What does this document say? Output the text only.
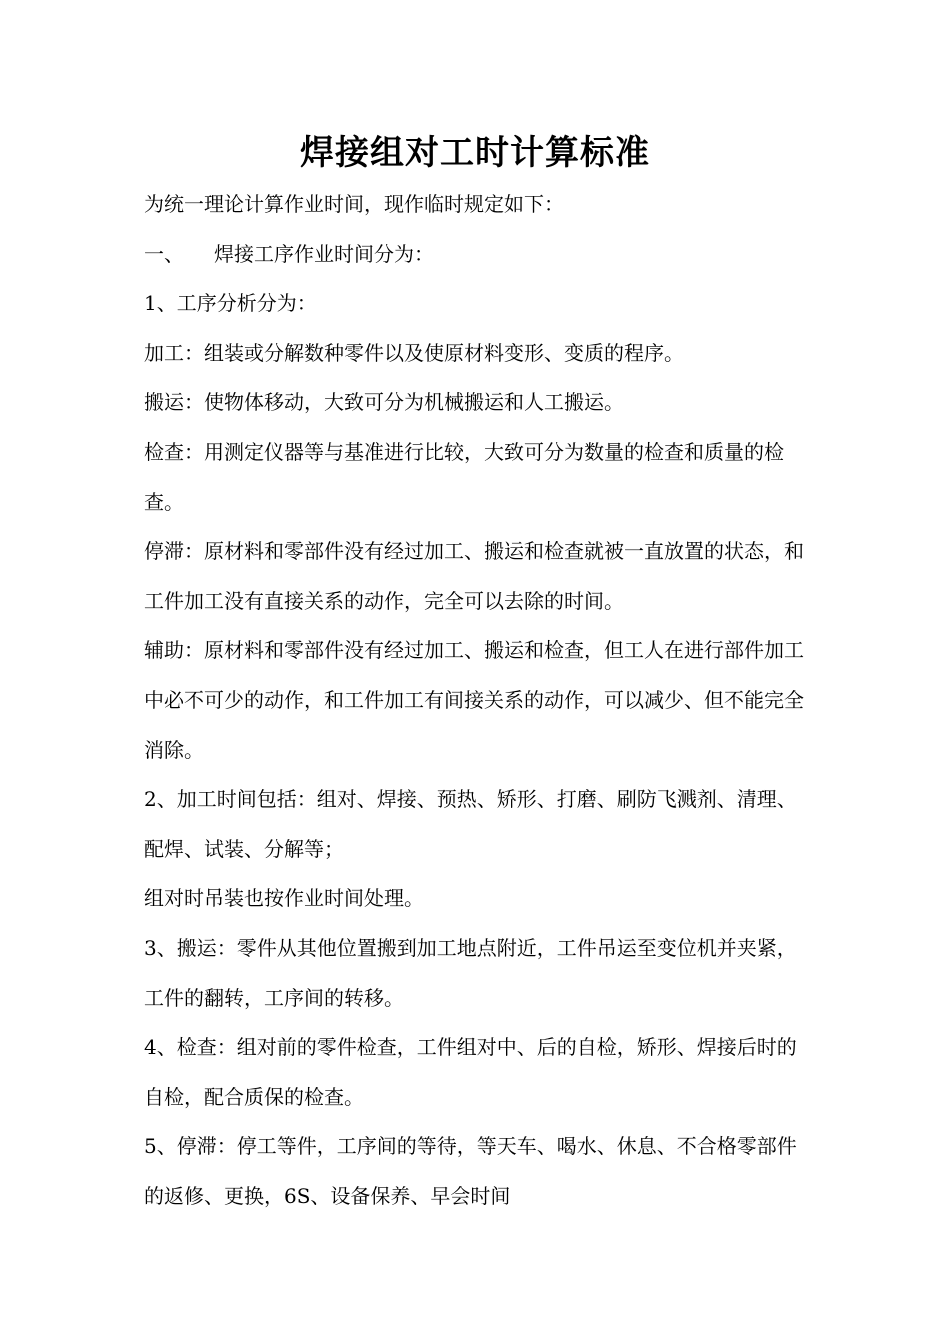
焊接组对工时计算标准

为统一理论计算作业时间，现作临时规定如下：

一、 焊接工序作业时间分为：

1、工序分析分为：

加工：组装或分解数种零件以及使原材料变形、变质的程序。

搬运：使物体移动，大致可分为机械搬运和人工搬运。

检查：用测定仪器等与基准进行比较，大致可分为数量的检查和质量的检查。

停滞：原材料和零部件没有经过加工、搬运和检查就被一直放置的状态，和工件加工没有直接关系的动作，完全可以去除的时间。

辅助：原材料和零部件没有经过加工、搬运和检查，但工人在进行部件加工中必不可少的动作，和工件加工有间接关系的动作，可以减少、但不能完全消除。

2、加工时间包括：组对、焊接、预热、矫形、打磨、刷防飞溅剂、清理、配焊、试装、分解等；

组对时吊装也按作业时间处理。

3、搬运：零件从其他位置搬到加工地点附近，工件吊运至变位机并夹紧，工件的翻转，工序间的转移。

4、检查：组对前的零件检查，工件组对中、后的自检，矫形、焊接后时的自检，配合质保的检查。

5、停滞：停工等件，工序间的等待，等天车、喝水、休息、不合格零部件的返修、更换，6S、设备保养、早会时间
